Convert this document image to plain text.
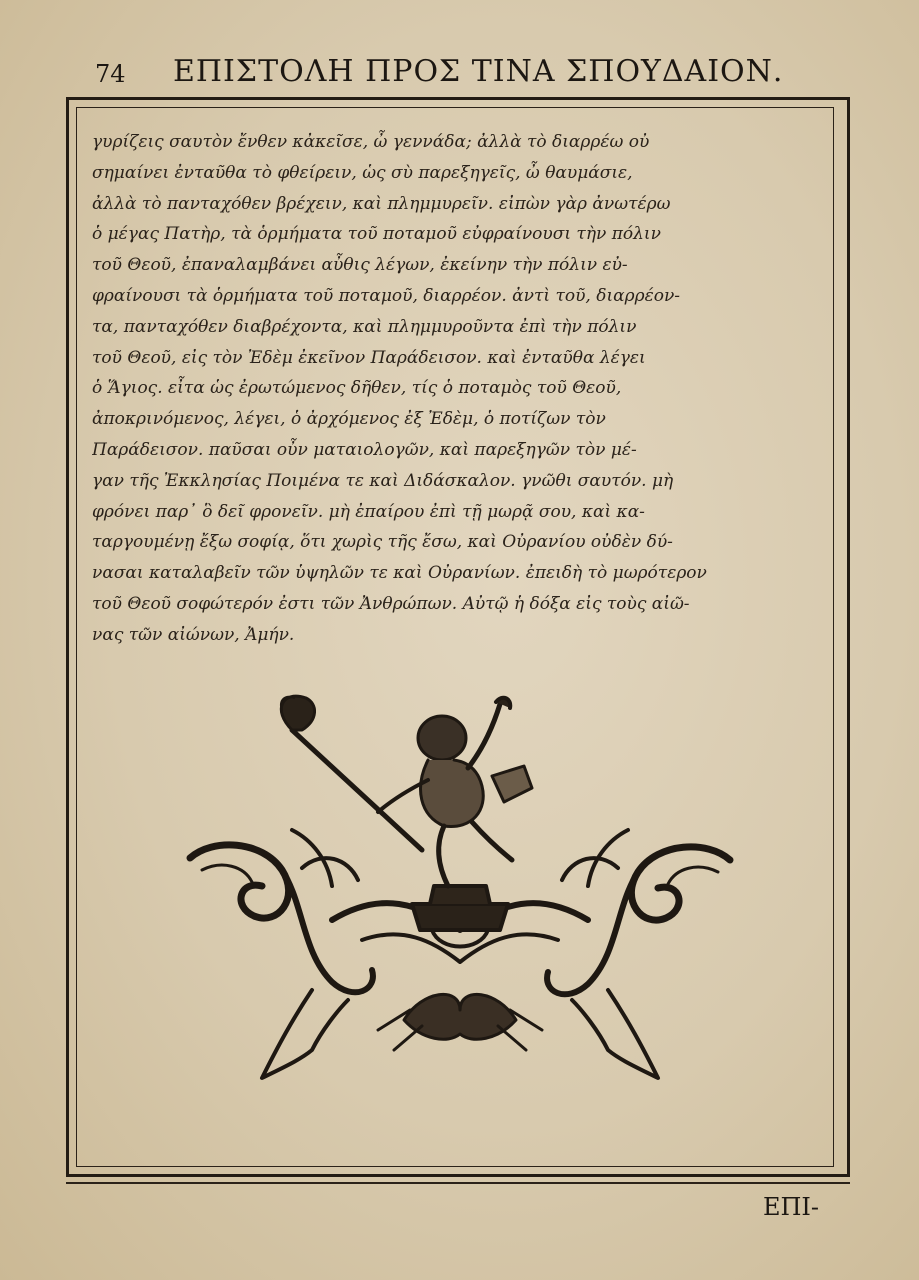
74 ΕΠΙΣΤΟΛΗ ΠΡΟΣ ΤΙΝΑ ΣΠΟΥΔΑΙΟΝ.
γυρίζεις σαυτὸν ἔνθεν κἀκεῖσε, ὦ γεννάδα; ἀλλὰ τὸ διαρρέω οὐ
σημαίνει ἐνταῦθα τὸ φθείρειν, ὡς σὺ παρεξηγεῖς, ὦ θαυμάσιε,
ἀλλὰ τὸ πανταχόθεν βρέχειν, καὶ πλημμυρεῖν. εἰπὼν γὰρ ἀνωτέρω
ὁ μέγας Πατὴρ, τὰ ὁρμήματα τοῦ ποταμοῦ εὐφραίνουσι τὴν πόλιν
τοῦ Θεοῦ, ἐπαναλαμβάνει αὖθις λέγων, ἐκείνην τὴν πόλιν εὐ-
φραίνουσι τὰ ὁρμήματα τοῦ ποταμοῦ, διαρρέον. ἀντὶ τοῦ, διαρρέον-
τα, πανταχόθεν διαβρέχοντα, καὶ πλημμυροῦντα ἐπὶ τὴν πόλιν
τοῦ Θεοῦ, εἰς τὸν Ἐδὲμ ἐκεῖνον Παράδεισον. καὶ ἐνταῦθα λέγει
ὁ Ἅγιος. εἶτα ὡς ἐρωτώμενος δῆθεν, τίς ὁ ποταμὸς τοῦ Θεοῦ,
ἀποκρινόμενος, λέγει, ὁ ἀρχόμενος ἐξ Ἐδὲμ, ὁ ποτίζων τὸν
Παράδεισον. παῦσαι οὖν ματαιολογῶν, καὶ παρεξηγῶν τὸν μέ-
γαν τῆς Ἐκκλησίας Ποιμένα τε καὶ Διδάσκαλον. γνῶθι σαυτόν. μὴ
φρόνει παρ᾽ ὃ δεῖ φρονεῖν. μὴ ἐπαίρου ἐπὶ τῇ μωρᾷ σου, καὶ κα-
ταργουμένῃ ἔξω σοφίᾳ, ὅτι χωρὶς τῆς ἔσω, καὶ Οὐρανίου οὐδὲν δύ-
νασαι καταλαβεῖν τῶν ὑψηλῶν τε καὶ Οὐρανίων. ἐπειδὴ τὸ μωρότερον
τοῦ Θεοῦ σοφώτερόν ἐστι τῶν Ἀνθρώπων. Αὐτῷ ἡ δόξα εἰς τοὺς αἰῶ-
νας τῶν αἰώνων, Ἀμήν.
ΕΠΙ-
